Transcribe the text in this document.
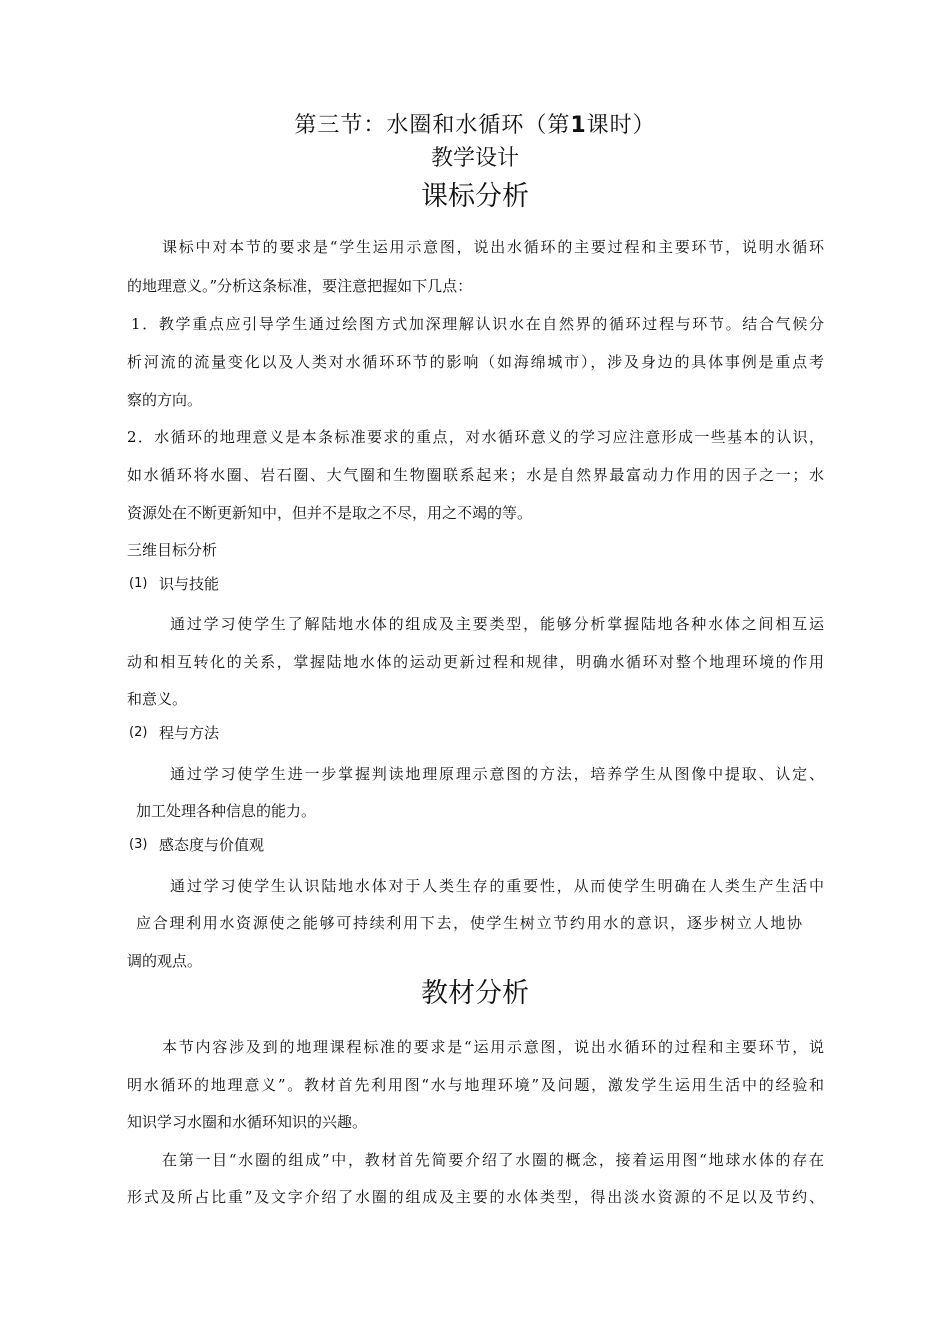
第三节：水圈和水循环（第1课时）
教学设计
课标分析
课标中对本节的要求是“学生运用示意图，说出水循环的主要过程和主要环节，说明水循环
的地理意义。”分析这条标准，要注意把握如下几点：
1．教学重点应引导学生通过绘图方式加深理解认识水在自然界的循环过程与环节。结合气候分
析河流的流量变化以及人类对水循环环节的影响（如海绵城市），涉及身边的具体事例是重点考
察的方向。
2．水循环的地理意义是本条标准要求的重点，对水循环意义的学习应注意形成一些基本的认识，
如水循环将水圈、岩石圈、大气圈和生物圈联系起来；水是自然界最富动力作用的因子之一；水
资源处在不断更新知中，但并不是取之不尽，用之不竭的等。
三维目标分析
(1) 识与技能
通过学习使学生了解陆地水体的组成及主要类型，能够分析掌握陆地各种水体之间相互运
动和相互转化的关系，掌握陆地水体的运动更新过程和规律，明确水循环对整个地理环境的作用
和意义。
(2) 程与方法
通过学习使学生进一步掌握判读地理原理示意图的方法，培养学生从图像中提取、认定、
加工处理各种信息的能力。
(3) 感态度与价值观
通过学习使学生认识陆地水体对于人类生存的重要性，从而使学生明确在人类生产生活中
应合理利用水资源使之能够可持续利用下去，使学生树立节约用水的意识，逐步树立人地协
调的观点。
教材分析
本节内容涉及到的地理课程标准的要求是“运用示意图，说出水循环的过程和主要环节，说
明水循环的地理意义”。教材首先利用图“水与地理环境”及问题，激发学生运用生活中的经验和
知识学习水圈和水循环知识的兴趣。
在第一目“水圈的组成”中，教材首先简要介绍了水圈的概念，接着运用图“地球水体的存在
形式及所占比重”及文字介绍了水圈的组成及主要的水体类型，得出淡水资源的不足以及节约、
